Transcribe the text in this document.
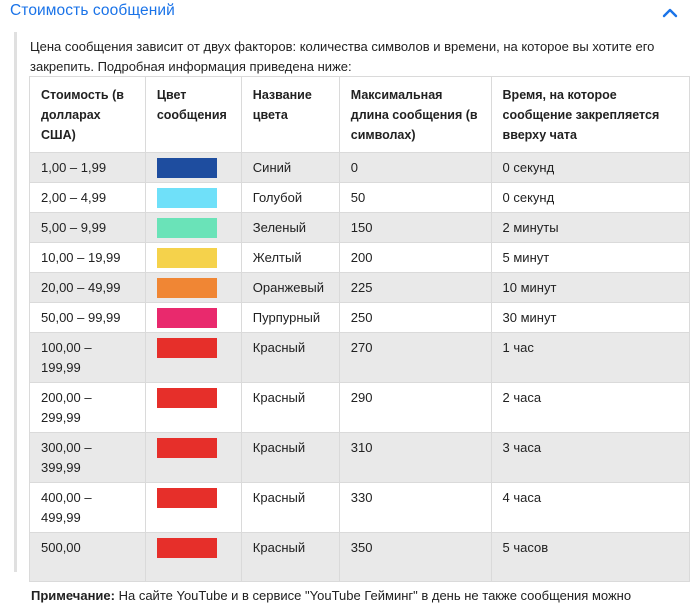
Стоимость сообщений
Цена сообщения зависит от двух факторов: количества символов и времени, на которое вы хотите его закрепить. Подробная информация приведена ниже:
Стоимость (в долларах США)	Цвет сообщения	Название цвета	Максимальная длина сообщения (в символах)	Время, на которое сообщение закрепляется вверху чата
1,00 – 1,99		Синий	0	0 секунд
2,00 – 4,99		Голубой	50	0 секунд
5,00 – 9,99		Зеленый	150	2 минуты
10,00 – 19,99		Желтый	200	5 минут
20,00 – 49,99		Оранжевый	225	10 минут
50,00 – 99,99		Пурпурный	250	30 минут
100,00 – 199,99		Красный	270	1 час
200,00 – 299,99		Красный	290	2 часа
300,00 – 399,99		Красный	310	3 часа
400,00 – 499,99		Красный	330	4 часа
500,00		Красный	350	5 часов
Примечание: На сайте YouTube и в сервисе "YouTube Гейминг" в день не также сообщения можно
